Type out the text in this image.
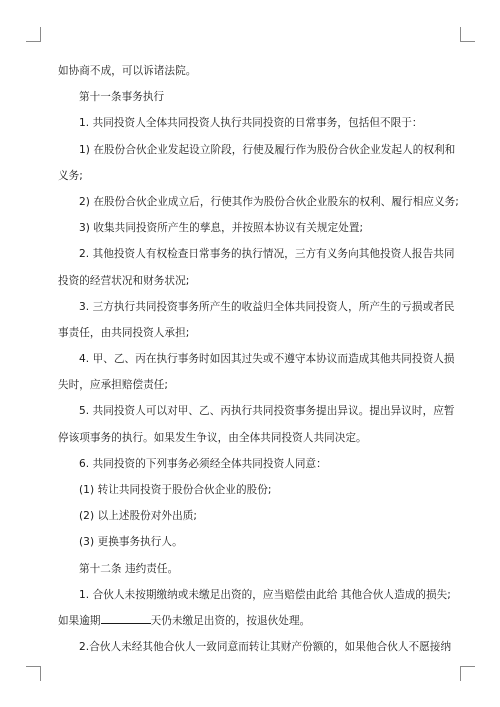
如协商不成，可以诉诸法院。
第十一条事务执行
1. 共同投资人全体共同投资人执行共同投资的日常事务，包括但不限于：
1) 在股份合伙企业发起设立阶段，行使及履行作为股份合伙企业发起人的权利和
义务;
2) 在股份合伙企业成立后，行使其作为股份合伙企业股东的权利、履行相应义务;
3) 收集共同投资所产生的孳息，并按照本协议有关规定处置;
2. 其他投资人有权检查日常事务的执行情况，三方有义务向其他投资人报告共同
投资的经营状况和财务状况;
3. 三方执行共同投资事务所产生的收益归全体共同投资人，所产生的亏损或者民
事责任，由共同投资人承担;
4. 甲、乙、丙在执行事务时如因其过失或不遵守本协议而造成其他共同投资人损
失时，应承担赔偿责任;
5. 共同投资人可以对甲、乙、丙执行共同投资事务提出异议。提出异议时，应暂
停该项事务的执行。如果发生争议，由全体共同投资人共同决定。
6. 共同投资的下列事务必须经全体共同投资人同意：
(1) 转让共同投资于股份合伙企业的股份;
(2) 以上述股份对外出质;
(3) 更换事务执行人。
第十二条 违约责任。
1. 合伙人未按期缴纳或未缴足出资的，应当赔偿由此给 其他合伙人造成的损失;
如果逾期	天仍未缴足出资的，按退伙处理。
2.合伙人未经其他合伙人一致同意而转让其财产份额的，如果他合伙人不愿接纳
